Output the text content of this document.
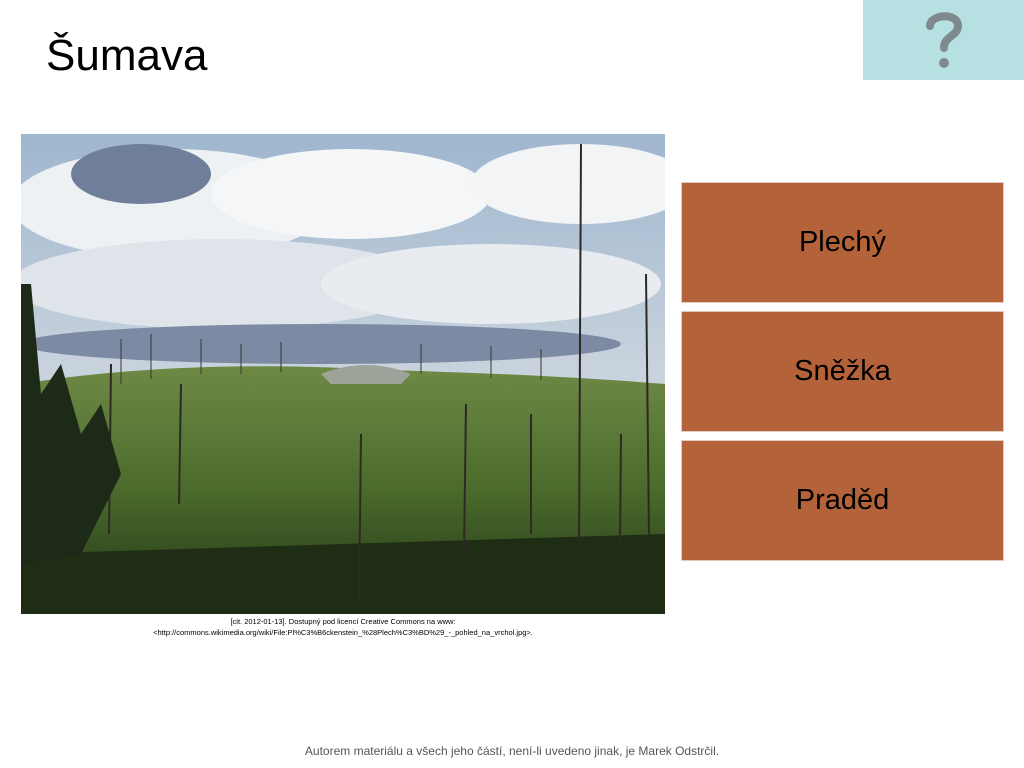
Šumava
[cit. 2012-01-13]. Dostupný pod licencí Creative Commons na www:
<http://commons.wikimedia.org/wiki/File:Pl%C3%B6ckenstein_%28Plech%C3%BD%29_-_pohled_na_vrchol.jpg>.
Plechý
Sněžka
Praděd
Autorem materiálu a všech jeho částí, není-li uvedeno jinak, je Marek Odstrčil.
